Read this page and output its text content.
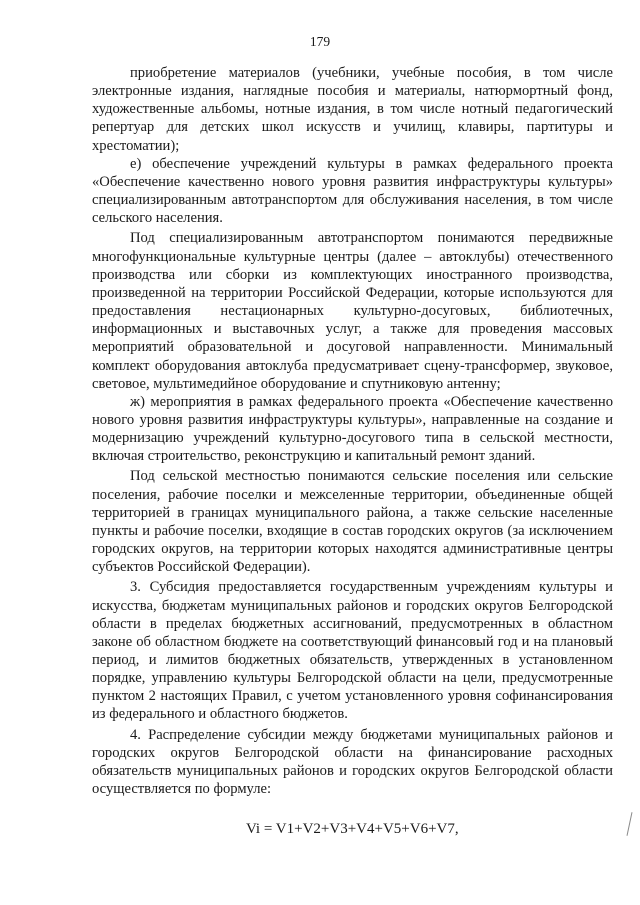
179

приобретение материалов (учебники, учебные пособия, в том числе электронные издания, наглядные пособия и материалы, натюрмортный фонд, художественные альбомы, нотные издания, в том числе нотный педагогический репертуар для детских школ искусств и училищ, клавиры, партитуры и хрестоматии);

е) обеспечение учреждений культуры в рамках федерального проекта «Обеспечение качественно нового уровня развития инфраструктуры культуры» специализированным автотранспортом для обслуживания населения, в том числе сельского населения.

Под специализированным автотранспортом понимаются передвижные многофункциональные культурные центры (далее – автоклубы) отечественного производства или сборки из комплектующих иностранного производства, произведенной на территории Российской Федерации, которые используются для предоставления нестационарных культурно-досуговых, библиотечных, информационных и выставочных услуг, а также для проведения массовых мероприятий образовательной и досуговой направленности. Минимальный комплект оборудования автоклуба предусматривает сцену-трансформер, звуковое, световое, мультимедийное оборудование и спутниковую антенну;

ж) мероприятия в рамках федерального проекта «Обеспечение качественно нового уровня развития инфраструктуры культуры», направленные на создание и модернизацию учреждений культурно-досугового типа в сельской местности, включая строительство, реконструкцию и капитальный ремонт зданий.

Под сельской местностью понимаются сельские поселения или сельские поселения, рабочие поселки и межселенные территории, объединенные общей территорией в границах муниципального района, а также сельские населенные пункты и рабочие поселки, входящие в состав городских округов (за исключением городских округов, на территории которых находятся административные центры субъектов Российской Федерации).

3. Субсидия предоставляется государственным учреждениям культуры и искусства, бюджетам муниципальных районов и городских округов Белгородской области в пределах бюджетных ассигнований, предусмотренных в областном законе об областном бюджете на соответствующий финансовый год и на плановый период, и лимитов бюджетных обязательств, утвержденных в установленном порядке, управлению культуры Белгородской области на цели, предусмотренные пунктом 2 настоящих Правил, с учетом установленного уровня софинансирования из федерального и областного бюджетов.

4. Распределение субсидии между бюджетами муниципальных районов и городских округов Белгородской области на финансирование расходных обязательств муниципальных районов и городских округов Белгородской области осуществляется по формуле:

Vi = V1+V2+V3+V4+V5+V6+V7,
